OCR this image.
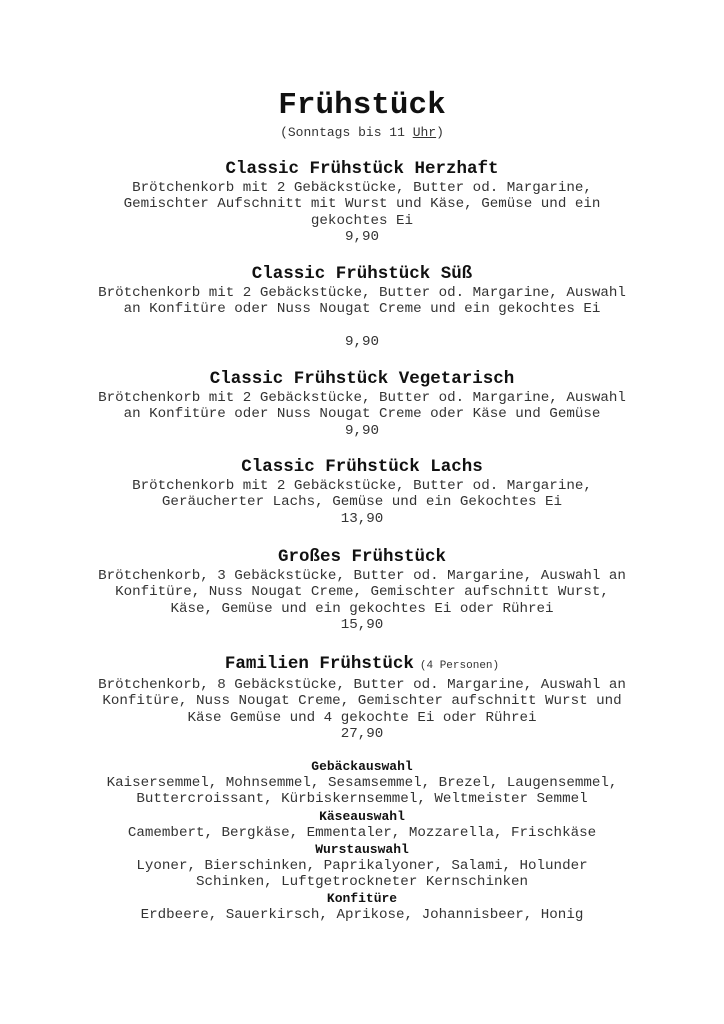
Frühstück
(Sonntags bis 11 Uhr)
Classic Frühstück Herzhaft
Brötchenkorb mit 2 Gebäckstücke, Butter od. Margarine,
Gemischter Aufschnitt mit Wurst und Käse, Gemüse und ein
gekochtes Ei
9,90
Classic Frühstück Süß
Brötchenkorb mit 2 Gebäckstücke, Butter od. Margarine, Auswahl
an Konfitüre oder Nuss Nougat Creme und ein gekochtes Ei
9,90
Classic Frühstück Vegetarisch
Brötchenkorb mit 2 Gebäckstücke, Butter od. Margarine, Auswahl
an Konfitüre oder Nuss Nougat Creme oder Käse und Gemüse
9,90
Classic Frühstück Lachs
Brötchenkorb mit 2 Gebäckstücke, Butter od. Margarine,
Geräucherter Lachs, Gemüse und ein Gekochtes Ei
13,90
Großes Frühstück
Brötchenkorb, 3 Gebäckstücke, Butter od. Margarine, Auswahl an
Konfitüre, Nuss Nougat Creme, Gemischter aufschnitt Wurst,
Käse, Gemüse und ein gekochtes Ei oder Rührei
15,90
Familien Frühstück (4 Personen)
Brötchenkorb, 8 Gebäckstücke, Butter od. Margarine, Auswahl an
Konfitüre, Nuss Nougat Creme, Gemischter aufschnitt Wurst und
Käse Gemüse und 4 gekochte Ei oder Rührei
27,90
Gebäckauswahl
Kaisersemmel, Mohnsemmel, Sesamsemmel, Brezel, Laugensemmel,
Buttercroissant, Kürbiskernsemmel, Weltmeister Semmel
Käseauswahl
Camembert, Bergkäse, Emmentaler, Mozzarella, Frischkäse
Wurstauswahl
Lyoner, Bierschinken, Paprikalyoner, Salami, Holunder
Schinken, Luftgetrockneter Kernschinken
Konfitüre
Erdbeere, Sauerkirsch, Aprikose, Johannisbeer, Honig
